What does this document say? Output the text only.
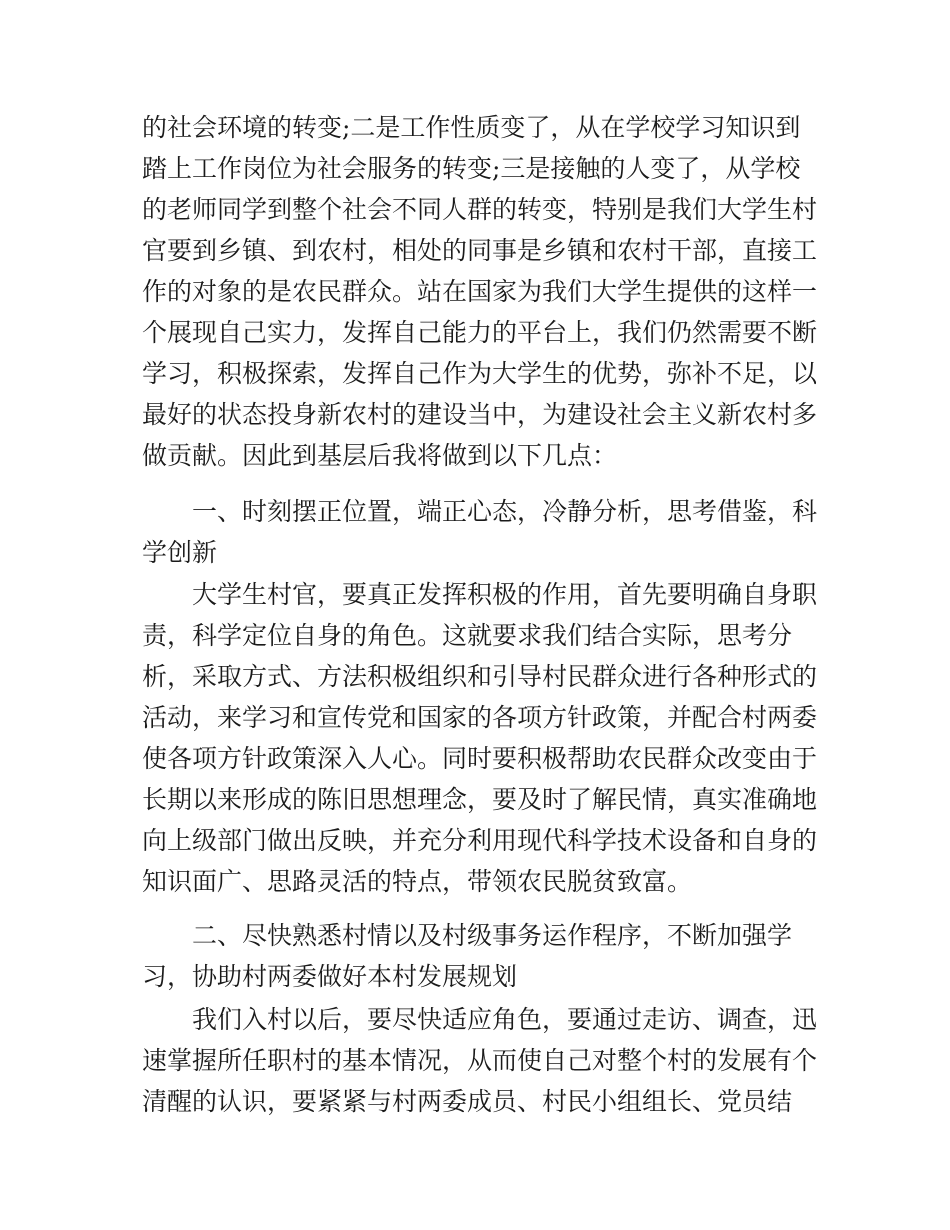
的社会环境的转变;二是工作性质变了，从在学校学习知识到
踏上工作岗位为社会服务的转变;三是接触的人变了，从学校
的老师同学到整个社会不同人群的转变，特别是我们大学生村
官要到乡镇、到农村，相处的同事是乡镇和农村干部，直接工
作的对象的是农民群众。站在国家为我们大学生提供的这样一
个展现自己实力，发挥自己能力的平台上，我们仍然需要不断
学习，积极探索，发挥自己作为大学生的优势，弥补不足，以
最好的状态投身新农村的建设当中，为建设社会主义新农村多
做贡献。因此到基层后我将做到以下几点：
一、时刻摆正位置，端正心态，冷静分析，思考借鉴，科
学创新
大学生村官，要真正发挥积极的作用，首先要明确自身职
责，科学定位自身的角色。这就要求我们结合实际，思考分
析，采取方式、方法积极组织和引导村民群众进行各种形式的
活动，来学习和宣传党和国家的各项方针政策，并配合村两委
使各项方针政策深入人心。同时要积极帮助农民群众改变由于
长期以来形成的陈旧思想理念，要及时了解民情，真实准确地
向上级部门做出反映，并充分利用现代科学技术设备和自身的
知识面广、思路灵活的特点，带领农民脱贫致富。
二、尽快熟悉村情以及村级事务运作程序，不断加强学
习，协助村两委做好本村发展规划
我们入村以后，要尽快适应角色，要通过走访、调查，迅
速掌握所任职村的基本情况，从而使自己对整个村的发展有个
清醒的认识，要紧紧与村两委成员、村民小组组长、党员结
